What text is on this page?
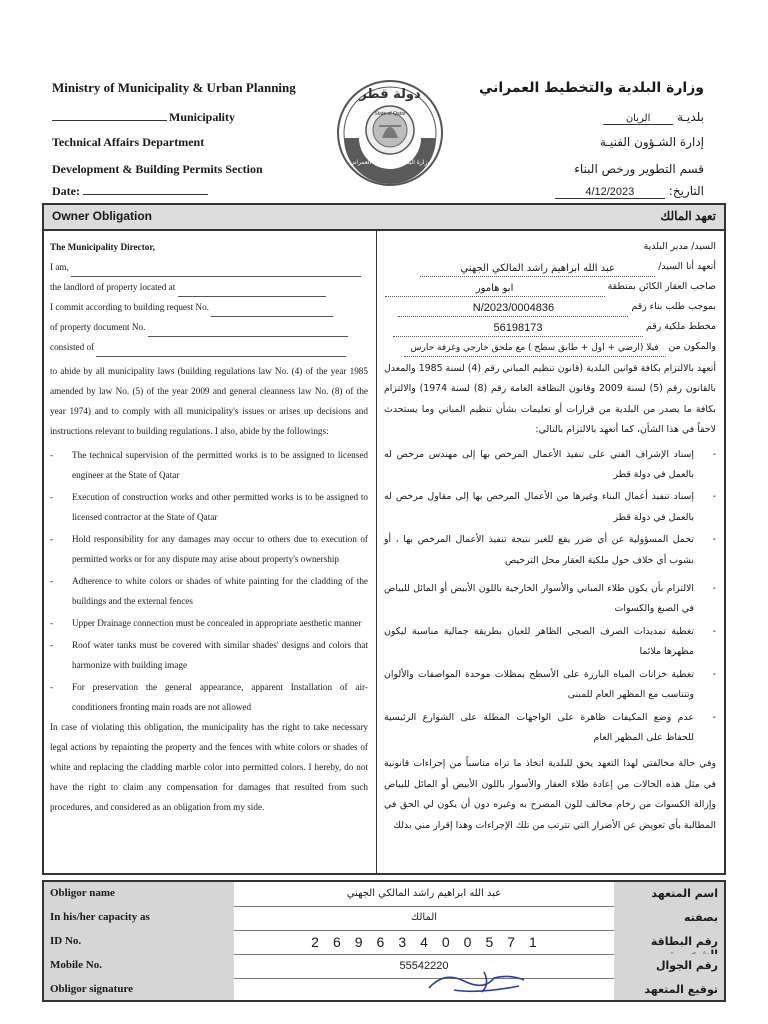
Ministry of Municipality & Urban Planning
Municipality
Technical Affairs Department
Development & Building Permits Section
Date:
دولة قطر
State of Qatar
وزارة البلدية والتخطيط العمراني
وزارة البلدية والتخطيط العمراني
بلديـةالريان
إدارة الشـؤون الفنيـة
قسم التطوير ورخص البناء
التاريخ:4/12/2023
Owner Obligation	تعهد المالك
The Municipality Director,
I am,
the landlord of property located at
I commit according to building request No.
of property document No.
consisted of

to abide by all municipality laws (building regulations law No. (4) of the year 1985 amended by law No. (5) of the year 2009 and general cleanness law No. (8) of the year 1974) and to comply with all municipality's issues or arises up decisions and instructions relevant to building regulations. I also, abide by the followings:

- The technical supervision of the permitted works is to be assigned to licensed engineer at the State of Qatar
- Execution of construction works and other permitted works is to be assigned to licensed contractor at the State of Qatar
- Hold responsibility for any damages may occur to others due to execution of permitted works or for any dispute may arise about property's ownership
- Adherence to white colors or shades of white painting for the cladding of the buildings and the external fences
- Upper Drainage connection must be concealed in appropriate aesthetic manner
- Roof water tanks must be covered with similar shades' designs and colors that harmonize with building image
- For preservation the general appearance, apparent Installation of air-conditioners fronting main roads are not allowed

In case of violating this obligation, the municipality has the right to take necessary legal actions by repainting the property and the fences with white colors or shades of white and replacing the cladding marble color into permitted colors. I hereby, do not have the right to claim any compensation for damages that resulted from such procedures, and considered as an obligation from my side.

السيد/ مدير البلدية
أتعهد أنا السيد/ عبد الله ابراهيم راشد المالكي الجهني
صاحب العقار الكائن بمنطقة ابو هامور
بموجب طلب بناء رقم N/2023/0004836
مخطط ملكية رقم 56198173
والمكون من فيلا (ارضي + اول + طابق سطح ) مع ملحق خارجي وغرفة حارس

أتعهد بالالتزام بكافة قوانين البلدية (قانون تنظيم المباني رقم (4) لسنة 1985 والمعدل بالقانون رقم (5) لسنة 2009 وقانون النظافة العامة رقم (8) لسنة 1974) والالتزام بكافة ما يصدر من البلدية من قرارات أو تعليمات بشأن تنظيم المباني وما يستحدث لاحقاً في هذا الشأن، كما أتعهد بالالتزام بالتالي:

-
إسناد الإشراف الفني على تنفيذ الأعمال المرخص بها إلى مهندس مرخص له بالعمل في دولة قطر
-
إسناد تنفيذ أعمال البناء وغيرها من الأعمال المرخص بها إلى مقاول مرخص له بالعمل في دولة قطر
-
تحمل المسؤولية عن أي ضرر يقع للغير نتيجة تنفيذ الأعمال المرخص بها ، أو نشوب أي خلاف حول ملكية العقار محل الترخيص
-
الالتزام بأن يكون طلاء المباني والأسوار الخارجية باللون الأبيض أو المائل للبياض في الصبغ والكسوات
-
تغطية تمديدات الصرف الصحي الظاهر للعيان بطريقة جمالية مناسبة ليكون مظهرها ملائما
-
تغطية خزانات المياه البارزة على الأسطح بمظلات موحدة المواصفات والألوان وتتناسب مع المظهر العام للمبنى
-
عدم وضع المكيفات ظاهرة على الواجهات المطلة على الشوارع الرئيسية للحفاظ على المظهر العام

وفي حالة مخالفتي لهذا التعهد يحق للبلدية اتخاذ ما تراه مناسباً من إجراءات قانونية في مثل هذه الحالات من إعادة طلاء العقار والأسوار باللون الأبيض أو المائل للبياض وإزالة الكسوات من رخام مخالف للون المصرح به وغيره دون أن يكون لي الحق في المطالبة بأي تعويض عن الأضرار التي تترتب من تلك الإجراءات وهذا إقرار مني بذلك

Obligor name	عبد الله ابراهيم راشد المالكي الجهني	اسم المتعهد
In his/her capacity as	المالك	بصفته
ID No.	26963400571	رقم البطاقة
Mobile No.	55542220	رقم الجوال
Obligor signature	توقيع المتعهد
